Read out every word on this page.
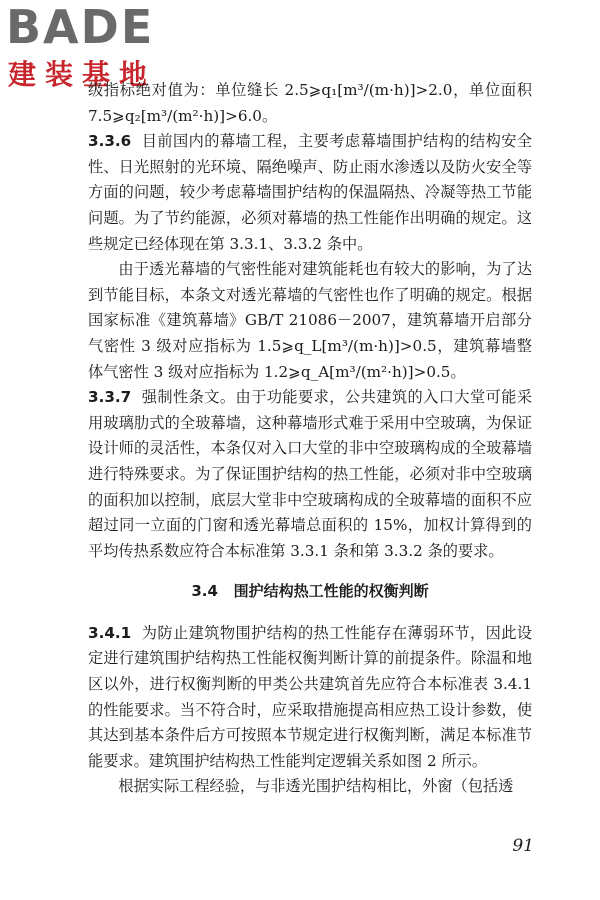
BADE
建装基地

级指标绝对值为：单位缝长 2.5⩾q₁[m³/(m·h)]>2.0，单位面积 7.5⩾q₂[m³/(m²·h)]>6.0。

3.3.6 目前国内的幕墙工程，主要考虑幕墙围护结构的结构安全性、日光照射的光环境、隔绝噪声、防止雨水渗透以及防火安全等方面的问题，较少考虑幕墙围护结构的保温隔热、冷凝等热工节能问题。为了节约能源，必须对幕墙的热工性能作出明确的规定。这些规定已经体现在第 3.3.1、3.3.2 条中。

由于透光幕墙的气密性能对建筑能耗也有较大的影响，为了达到节能目标，本条文对透光幕墙的气密性也作了明确的规定。根据国家标准《建筑幕墙》GB/T 21086－2007，建筑幕墙开启部分气密性 3 级对应指标为 1.5⩾q_L[m³/(m·h)]>0.5，建筑幕墙整体气密性 3 级对应指标为 1.2⩾q_A[m³/(m²·h)]>0.5。

3.3.7 强制性条文。由于功能要求，公共建筑的入口大堂可能采用玻璃肋式的全玻幕墙，这种幕墙形式难于采用中空玻璃，为保证设计师的灵活性，本条仅对入口大堂的非中空玻璃构成的全玻幕墙进行特殊要求。为了保证围护结构的热工性能，必须对非中空玻璃的面积加以控制，底层大堂非中空玻璃构成的全玻幕墙的面积不应超过同一立面的门窗和透光幕墙总面积的 15%，加权计算得到的平均传热系数应符合本标准第 3.3.1 条和第 3.3.2 条的要求。

3.4 围护结构热工性能的权衡判断

3.4.1 为防止建筑物围护结构的热工性能存在薄弱环节，因此设定进行建筑围护结构热工性能权衡判断计算的前提条件。除温和地区以外，进行权衡判断的甲类公共建筑首先应符合本标准表 3.4.1 的性能要求。当不符合时，应采取措施提高相应热工设计参数，使其达到基本条件后方可按照本节规定进行权衡判断，满足本标准节能要求。建筑围护结构热工性能判定逻辑关系如图 2 所示。

根据实际工程经验，与非透光围护结构相比，外窗（包括透

91
